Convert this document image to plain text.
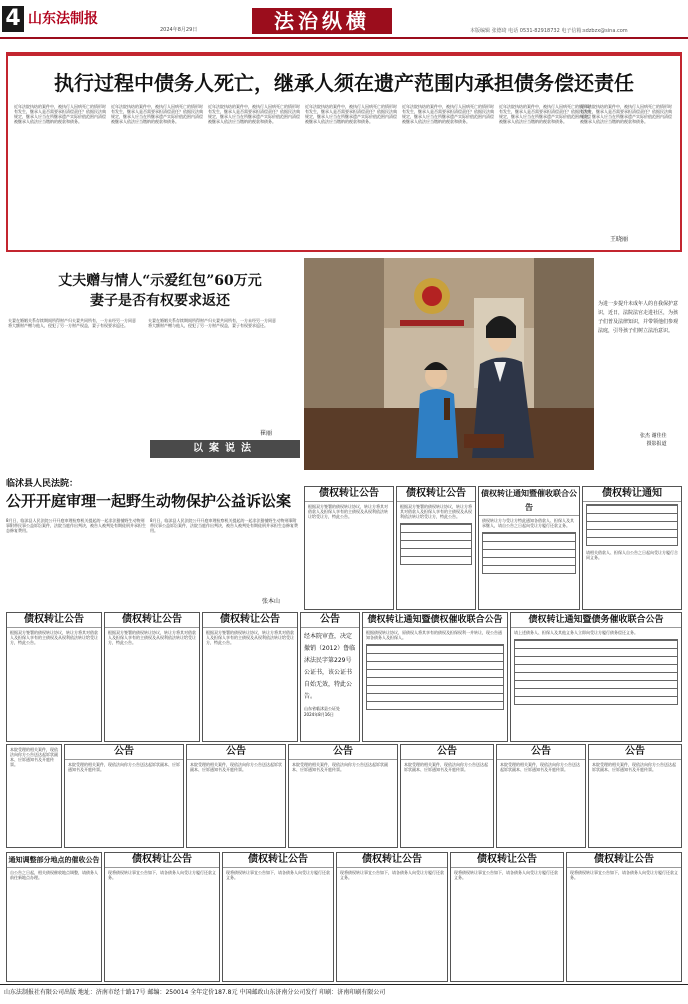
4 山东法制报
2024年8月29日	法治纵横	本版编辑 张德琦 电话 0531-82918732 电子信箱:sdzbzx@sina.com
执行过程中债务人死亡，继承人须在遗产范围内承担债务偿还责任
近年法院执结的案件中，被执行人因病死亡的情形时有发生，继承人是否需要承担清偿责任？依据民法典规定，继承人应当在所继承遗产实际价值范围内清偿被继承人依法应当缴纳的税款和债务。
近年法院执结的案件中，被执行人因病死亡的情形时有发生，继承人是否需要承担清偿责任？依据民法典规定，继承人应当在所继承遗产实际价值范围内清偿被继承人依法应当缴纳的税款和债务。
近年法院执结的案件中，被执行人因病死亡的情形时有发生，继承人是否需要承担清偿责任？依据民法典规定，继承人应当在所继承遗产实际价值范围内清偿被继承人依法应当缴纳的税款和债务。
近年法院执结的案件中，被执行人因病死亡的情形时有发生，继承人是否需要承担清偿责任？依据民法典规定，继承人应当在所继承遗产实际价值范围内清偿被继承人依法应当缴纳的税款和债务。
近年法院执结的案件中，被执行人因病死亡的情形时有发生，继承人是否需要承担清偿责任？依据民法典规定，继承人应当在所继承遗产实际价值范围内清偿被继承人依法应当缴纳的税款和债务。
近年法院执结的案件中，被执行人因病死亡的情形时有发生，继承人是否需要承担清偿责任？依据民法典规定，继承人应当在所继承遗产实际价值范围内清偿被继承人依法应当缴纳的税款和债务。
近年法院执结的案件中，被执行人因病死亡的情形时有发生，继承人是否需要承担清偿责任？依据民法典规定，继承人应当在所继承遗产实际价值范围内清偿被继承人依法应当缴纳的税款和债务。
王晓丽
丈夫赠与情人“示爱红包”60万元
妻子是否有权要求返还
夫妻在婚姻关系存续期间所得财产归夫妻共同所有，一方未经另一方同意将大额财产赠与他人，侵犯了另一方财产权益，妻子有权要求返还。
夫妻在婚姻关系存续期间所得财产归夫妻共同所有，一方未经另一方同意将大额财产赠与他人，侵犯了另一方财产权益，妻子有权要求返还。
崔丽
以案说法
为进一步提升未成年人的自我保护意识，近日，法院法官走进社区，为孩子们普及法律知识，并带领他们参观法庭，引导孩子们树立法治意识。
张杰 谢佳佳
摄影报道
临沭县人民法院：
公开开庭审理一起野生动物保护公益诉讼案
8月日，临沭县人民法院公开开庭审理检察机关提起的一起非法猎捕野生动物刑事附带民事公益诉讼案件，法院当庭作出判决，被告人被判处有期徒刑并承担生态修复费用。
8月日，临沭县人民法院公开开庭审理检察机关提起的一起非法猎捕野生动物刑事附带民事公益诉讼案件，法院当庭作出判决，被告人被判处有期徒刑并承担生态修复费用。
张本山
债权转让公告
根据双方签署的债权转让协议，转让方将其对借款人及担保人享有的主债权及从权利依法转让给受让方，特此公告。
债权转让公告
根据双方签署的债权转让协议，转让方将其对借款人及担保人享有的主债权及从权利依法转让给受让方，特此公告。
债权转让通知暨催收联合公告
债权转让方与受让方特此通知各借款人、担保人及其承继人，请自公告之日起向受让方履行还款义务。
债权转让通知
请相关借款人、担保人自公告之日起向受让方履行合同义务。
债权转让公告
根据双方签署的债权转让协议，转让方将其对借款人及担保人享有的主债权及从权利依法转让给受让方，特此公告。
债权转让公告
根据双方签署的债权转让协议，转让方将其对借款人及担保人享有的主债权及从权利依法转让给受让方，特此公告。
债权转让公告
根据双方签署的债权转让协议，转让方将其对借款人及担保人享有的主债权及从权利依法转让给受让方，特此公告。
公告
经本院审查，决定撤销（2012）鲁临沭法民字第229号公证书，该公证书自始无效，特此公告。
山东省临沭县公证处
2024年8月16日
债权转让通知暨债权催收联合公告
根据债权转让协议，原债权人将其享有的债权及担保权利一并转让，现公告通知各债务人及担保人。
债权转让通知暨债务催收联合公告
请上述债务人、担保人及其他义务人立即向受让方履行债务偿还义务。
本院受理的相关案件，现依法向你方公告送达起诉状副本、应诉通知书及开庭传票。
公告
本院受理的相关案件，现依法向你方公告送达起诉状副本、应诉通知书及开庭传票。
公告
本院受理的相关案件，现依法向你方公告送达起诉状副本、应诉通知书及开庭传票。
公告
本院受理的相关案件，现依法向你方公告送达起诉状副本、应诉通知书及开庭传票。
公告
本院受理的相关案件，现依法向你方公告送达起诉状副本、应诉通知书及开庭传票。
公告
本院受理的相关案件，现依法向你方公告送达起诉状副本、应诉通知书及开庭传票。
公告
本院受理的相关案件，现依法向你方公告送达起诉状副本、应诉通知书及开庭传票。
通知调整部分地点的催收公告
自公告之日起，相关债权催收地点调整，请债务人前往新地点办理。
债权转让公告
现将债权转让事宜公告如下，请各债务人向受让方履行还款义务。
债权转让公告
现将债权转让事宜公告如下，请各债务人向受让方履行还款义务。
债权转让公告
现将债权转让事宜公告如下，请各债务人向受让方履行还款义务。
债权转让公告
现将债权转让事宜公告如下，请各债务人向受让方履行还款义务。
债权转让公告
现将债权转让事宜公告如下，请各债务人向受让方履行还款义务。
山东法制报社有限公司出版 地址：济南市经十路17号 邮编：250014 全年定价187.8元 中国邮政山东济南分公司发行 印刷：济南印刷有限公司
